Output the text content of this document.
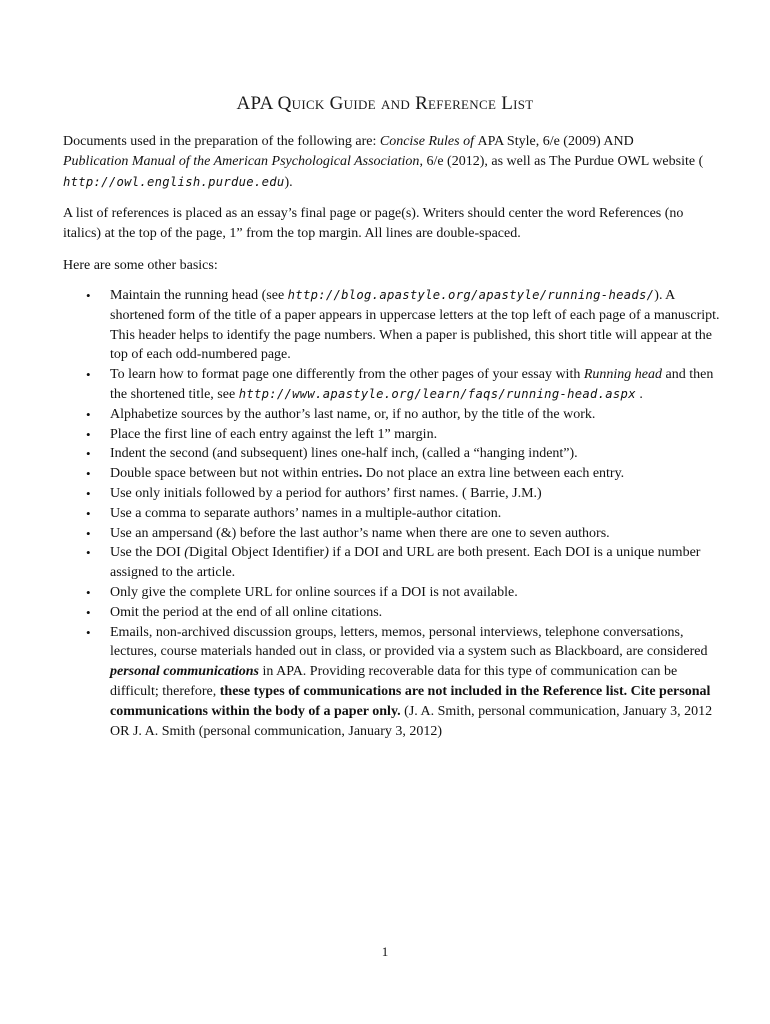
APA Quick Guide and Reference List
Documents used in the preparation of the following are: Concise Rules of APA Style, 6/e (2009) AND
Publication Manual of the American Psychological Association, 6/e (2012), as well as The Purdue OWL website (
http://owl.english.purdue.edu).
A list of references is placed as an essay’s final page or page(s). Writers should center the word References (no italics) at the top of the page, 1” from the top margin. All lines are double-spaced.
Here are some other basics:
• Maintain the running head (see http://blog.apastyle.org/apastyle/running-heads/). A shortened form of the title of a paper appears in uppercase letters at the top left of each page of a manuscript. This header helps to identify the page numbers. When a paper is published, this short title will appear at the top of each odd-numbered page.
• To learn how to format page one differently from the other pages of your essay with Running head and then the shortened title, see http://www.apastyle.org/learn/faqs/running-head.aspx .
• Alphabetize sources by the author’s last name, or, if no author, by the title of the work.
• Place the first line of each entry against the left 1” margin.
• Indent the second (and subsequent) lines one-half inch, (called a “hanging indent”).
• Double space between but not within entries. Do not place an extra line between each entry.
• Use only initials followed by a period for authors’ first names. ( Barrie, J.M.)
• Use a comma to separate authors’ names in a multiple-author citation.
• Use an ampersand (&) before the last author’s name when there are one to seven authors.
• Use the DOI (Digital Object Identifier) if a DOI and URL are both present. Each DOI is a unique number assigned to the article.
• Only give the complete URL for online sources if a DOI is not available.
• Omit the period at the end of all online citations.
• Emails, non-archived discussion groups, letters, memos, personal interviews, telephone conversations, lectures, course materials handed out in class, or provided via a system such as Blackboard, are considered personal communications in APA. Providing recoverable data for this type of communication can be difficult; therefore, these types of communications are not included in the Reference list. Cite personal communications within the body of a paper only. (J. A. Smith, personal communication, January 3, 2012 OR J. A. Smith (personal communication, January 3, 2012)
1
